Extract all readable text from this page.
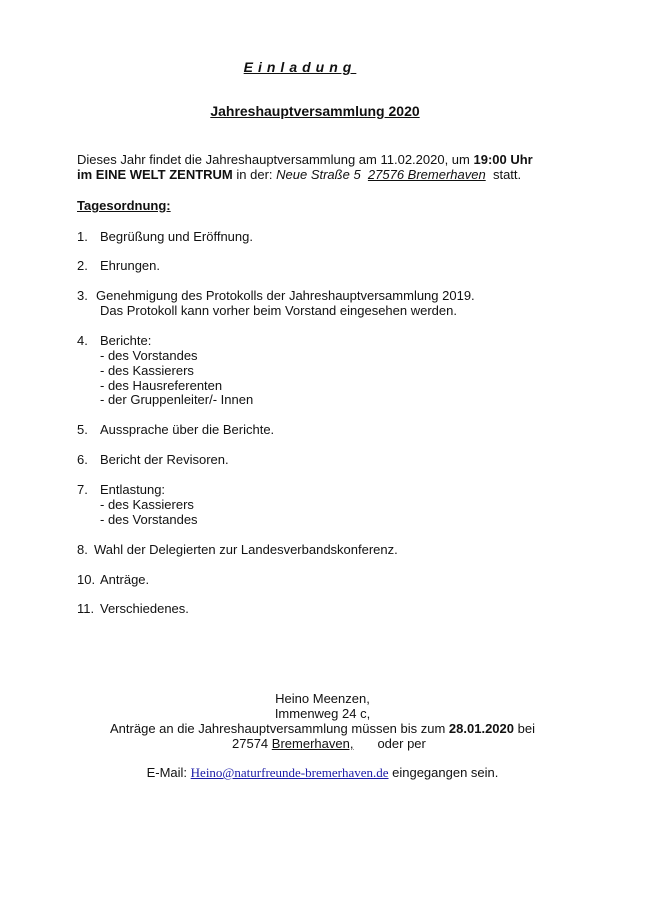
Einladung
Jahreshauptversammlung 2020
Dieses Jahr findet die Jahreshauptversammlung am 11.02.2020, um 19:00 Uhr
im EINE WELT ZENTRUM in der: Neue Straße 5 27576 Bremerhaven statt.
Tagesordnung:
1. Begrüßung und Eröffnung.
2. Ehrungen.
3. Genehmigung des Protokolls der Jahreshauptversammlung 2019.
Das Protokoll kann vorher beim Vorstand eingesehen werden.
4. Berichte:
- des Vorstandes
- des Kassierers
- des Hausreferenten
- der Gruppenleiter/- Innen
5. Aussprache über die Berichte.
6. Bericht der Revisoren.
7. Entlastung:
- des Kassierers
- des Vorstandes
8. Wahl der Delegierten zur Landesverbandskonferenz.
10. Anträge.
11. Verschiedenes.
Heino Meenzen,
Immenweg 24 c,
Anträge an die Jahreshauptversammlung müssen bis zum 28.01.2020 bei
27574 Bremerhaven, oder per
E-Mail: Heino@naturfreunde-bremerhaven.de eingegangen sein.
